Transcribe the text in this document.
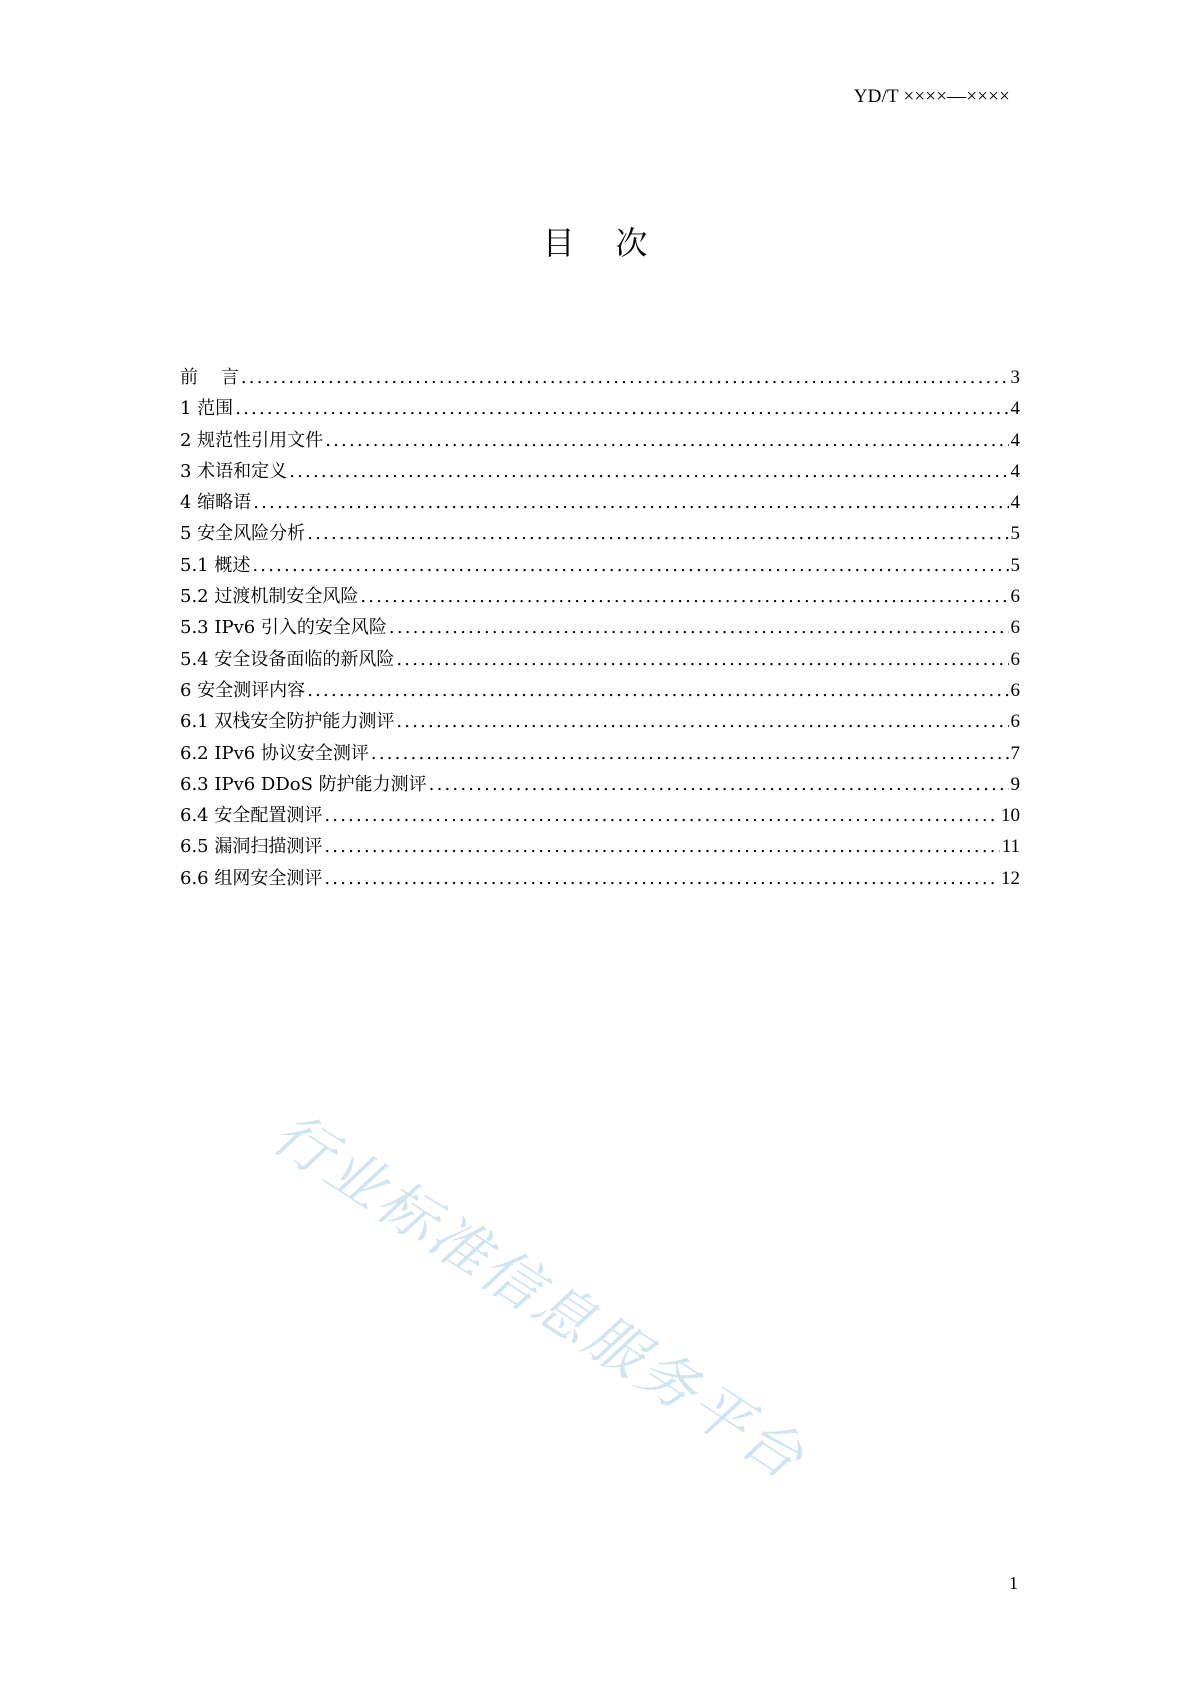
YD/T ××××—××××
目    次
前    言 .....	3
1 范围 .....	4
2 规范性引用文件 .....	4
3 术语和定义 .....	4
4 缩略语 .....	4
5 安全风险分析 .....	5
5.1 概述 .....	5
5.2 过渡机制安全风险 .....	6
5.3 IPv6 引入的安全风险 .....	6
5.4 安全设备面临的新风险 .....	6
6 安全测评内容 .....	6
6.1 双栈安全防护能力测评 .....	6
6.2 IPv6 协议安全测评 .....	7
6.3 IPv6 DDoS 防护能力测评 .....	9
6.4 安全配置测评 .....	10
6.5 漏洞扫描测评 .....	11
6.6 组网安全测评 .....	12
行业标准信息服务平台
1
